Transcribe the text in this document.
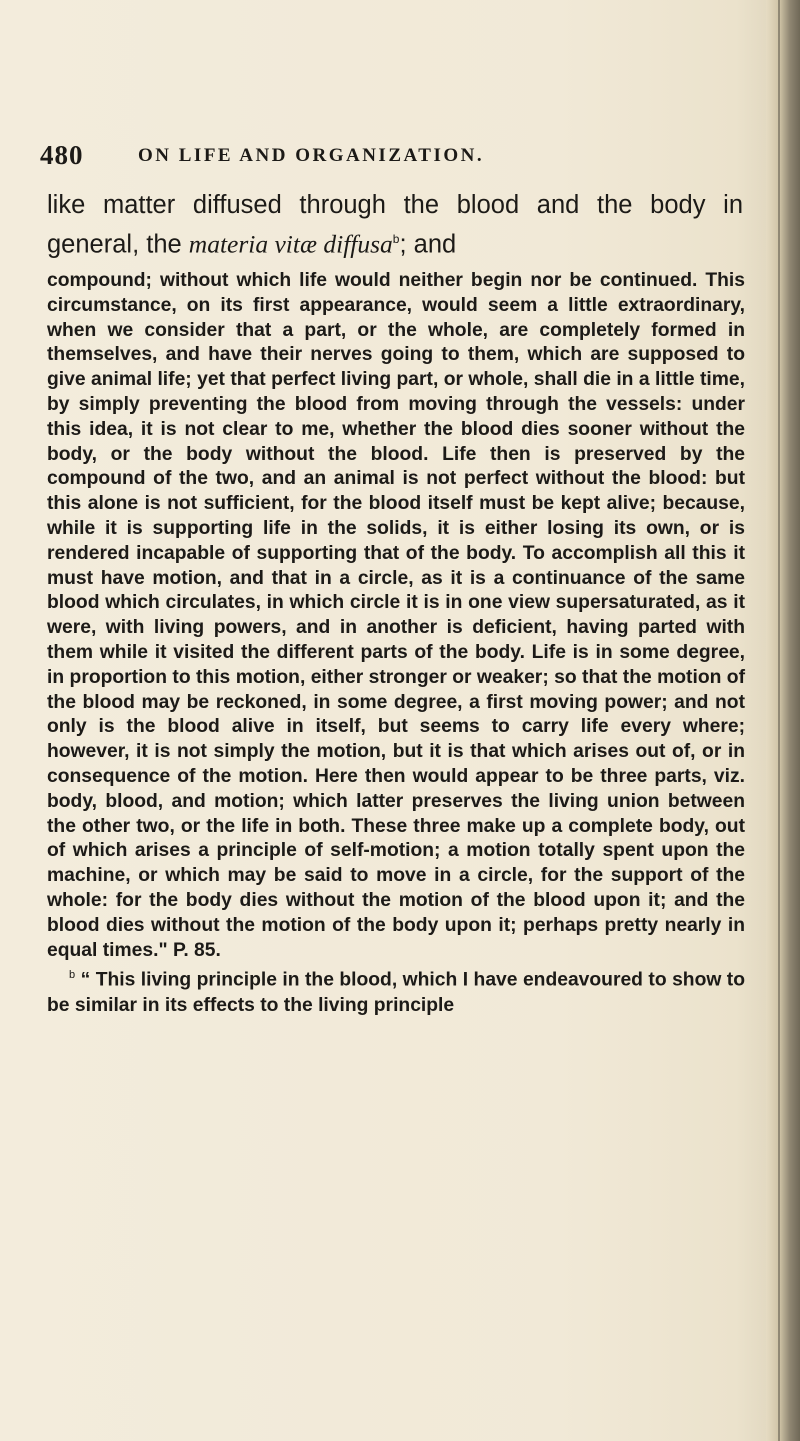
480	ON LIFE AND ORGANIZATION.
like matter diffused through the blood and the body in general, the materia vitæ diffusa$^b$; and

compound; without which life would neither begin nor be continued. This circumstance, on its first appearance, would seem a little extraordinary, when we consider that a part, or the whole, are completely formed in themselves, and have their nerves going to them, which are supposed to give animal life; yet that perfect living part, or whole, shall die in a little time, by simply preventing the blood from moving through the vessels: under this idea, it is not clear to me, whether the blood dies sooner without the body, or the body without the blood. Life then is preserved by the compound of the two, and an animal is not perfect without the blood: but this alone is not sufficient, for the blood itself must be kept alive; because, while it is supporting life in the solids, it is either losing its own, or is rendered incapable of supporting that of the body. To accomplish all this it must have motion, and that in a circle, as it is a continuance of the same blood which circulates, in which circle it is in one view supersaturated, as it were, with living powers, and in another is deficient, having parted with them while it visited the different parts of the body. Life is in some degree, in proportion to this motion, either stronger or weaker; so that the motion of the blood may be reckoned, in some degree, a first moving power; and not only is the blood alive in itself, but seems to carry life every where; however, it is not simply the motion, but it is that which arises out of, or in consequence of the motion. Here then would appear to be three parts, viz. body, blood, and motion; which latter preserves the living union between the other two, or the life in both. These three make up a complete body, out of which arises a principle of self-motion; a motion totally spent upon the machine, or which may be said to move in a circle, for the support of the whole: for the body dies without the motion of the blood upon it; and the blood dies without the motion of the body upon it; perhaps pretty nearly in equal times." P. 85.

$^b$ “ This living principle in the blood, which I have endeavoured to show to be similar in its effects to the living principle
